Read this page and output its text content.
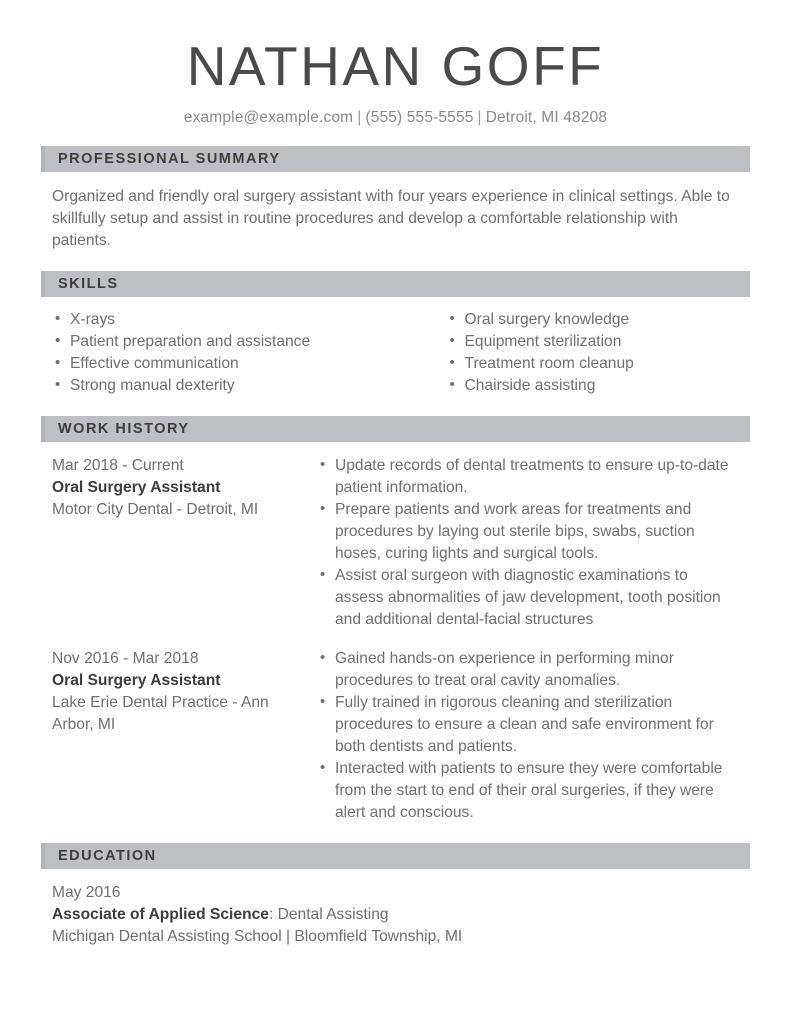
NATHAN GOFF
example@example.com | (555) 555-5555 | Detroit, MI 48208
PROFESSIONAL SUMMARY
Organized and friendly oral surgery assistant with four years experience in clinical settings. Able to skillfully setup and assist in routine procedures and develop a comfortable relationship with patients.
SKILLS
• X-rays
• Patient preparation and assistance
• Effective communication
• Strong manual dexterity
• Oral surgery knowledge
• Equipment sterilization
• Treatment room cleanup
• Chairside assisting
WORK HISTORY
Mar 2018 - Current
Oral Surgery Assistant
Motor City Dental - Detroit, MI
• Update records of dental treatments to ensure up-to-date patient information.
• Prepare patients and work areas for treatments and procedures by laying out sterile bips, swabs, suction hoses, curing lights and surgical tools.
• Assist oral surgeon with diagnostic examinations to assess abnormalities of jaw development, tooth position and additional dental-facial structures
Nov 2016 - Mar 2018
Oral Surgery Assistant
Lake Erie Dental Practice - Ann Arbor, MI
• Gained hands-on experience in performing minor procedures to treat oral cavity anomalies.
• Fully trained in rigorous cleaning and sterilization procedures to ensure a clean and safe environment for both dentists and patients.
• Interacted with patients to ensure they were comfortable from the start to end of their oral surgeries, if they were alert and conscious.
EDUCATION
May 2016
Associate of Applied Science: Dental Assisting
Michigan Dental Assisting School | Bloomfield Township, MI
